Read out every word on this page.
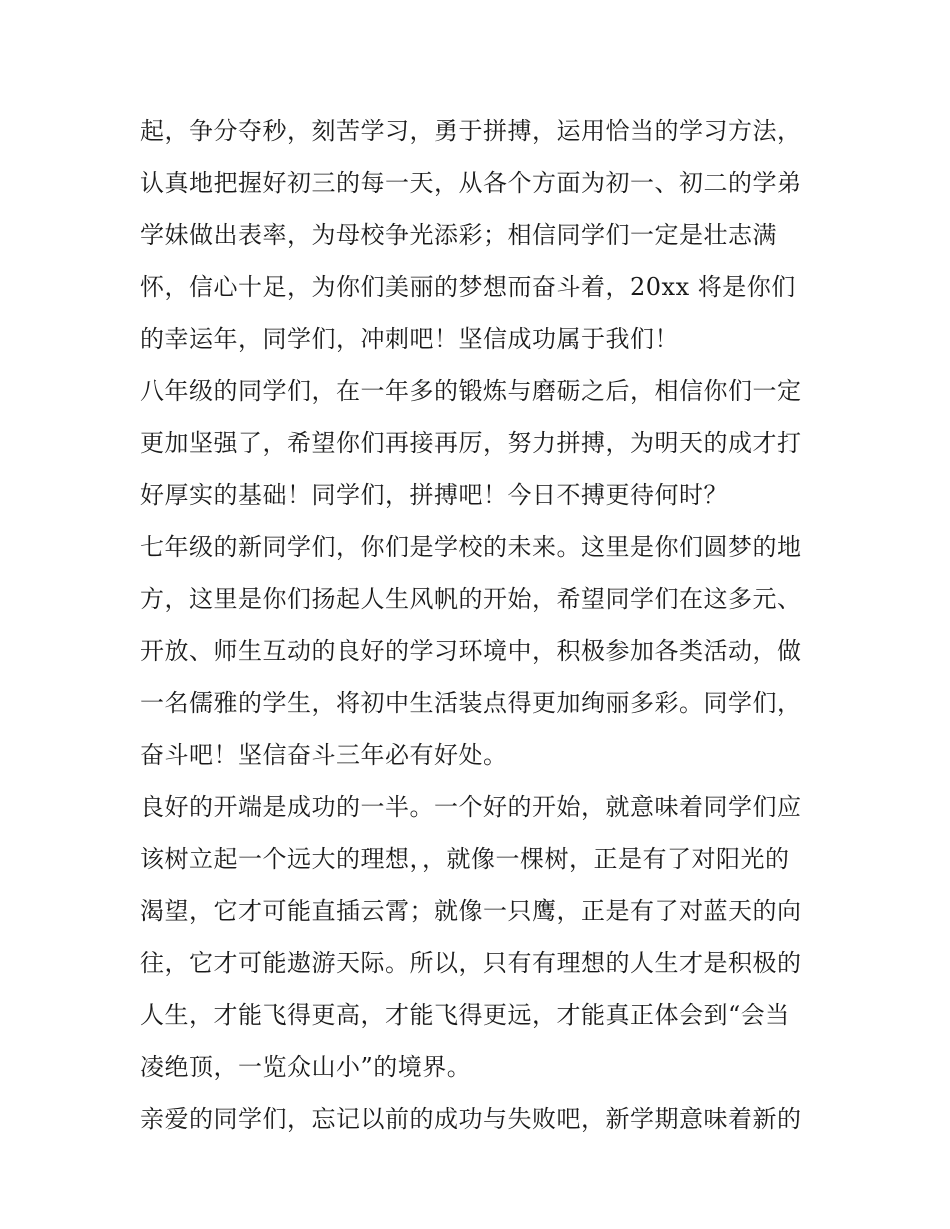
起，争分夺秒，刻苦学习，勇于拼搏，运用恰当的学习方法，
认真地把握好初三的每一天，从各个方面为初一、初二的学弟
学妹做出表率，为母校争光添彩；相信同学们一定是壮志满
怀，信心十足，为你们美丽的梦想而奋斗着，20xx 将是你们
的幸运年，同学们，冲刺吧！坚信成功属于我们！
八年级的同学们，在一年多的锻炼与磨砺之后，相信你们一定
更加坚强了，希望你们再接再厉，努力拼搏，为明天的成才打
好厚实的基础！同学们，拼搏吧！今日不搏更待何时？
七年级的新同学们，你们是学校的未来。这里是你们圆梦的地
方，这里是你们扬起人生风帆的开始，希望同学们在这多元、
开放、师生互动的良好的学习环境中，积极参加各类活动，做
一名儒雅的学生，将初中生活装点得更加绚丽多彩。同学们，
奋斗吧！坚信奋斗三年必有好处。
良好的开端是成功的一半。一个好的开始，就意味着同学们应
该树立起一个远大的理想，，就像一棵树，正是有了对阳光的
渴望，它才可能直插云霄；就像一只鹰，正是有了对蓝天的向
往，它才可能遨游天际。所以，只有有理想的人生才是积极的
人生，才能飞得更高，才能飞得更远，才能真正体会到“会当
凌绝顶，一览众山小”的境界。
亲爱的同学们，忘记以前的成功与失败吧，新学期意味着新的
